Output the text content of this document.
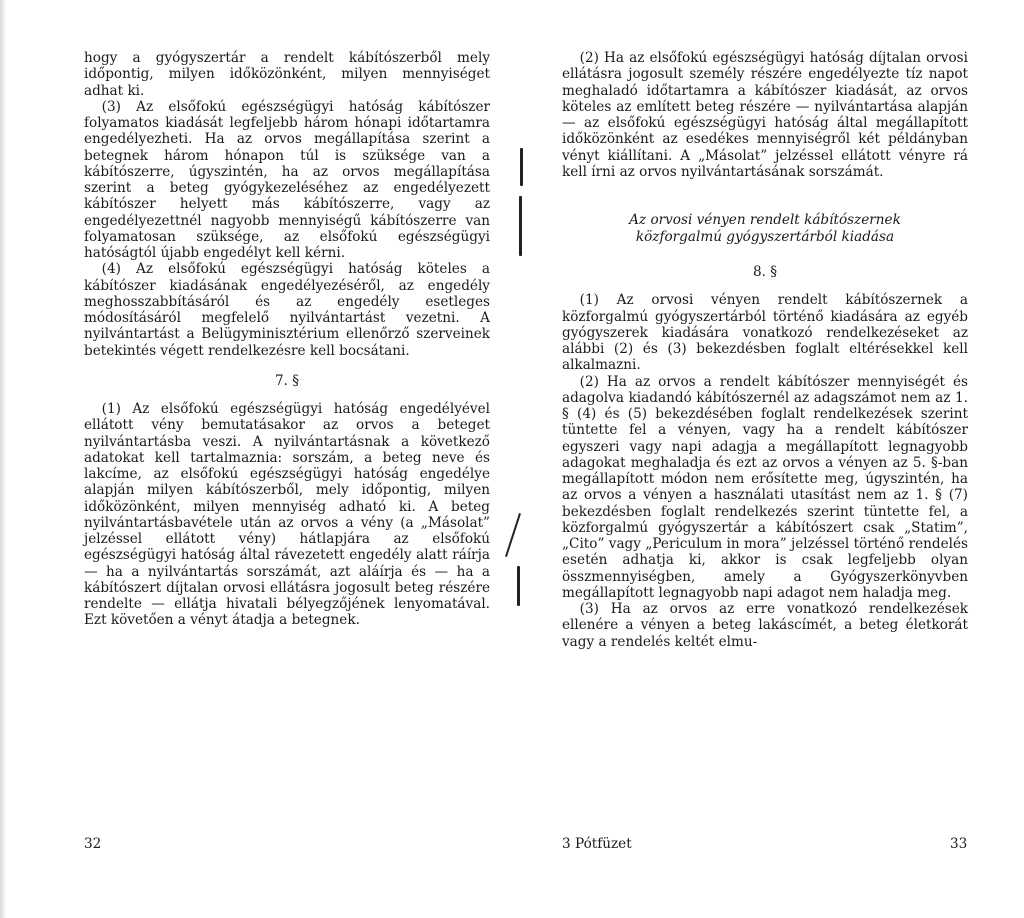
hogy a gyógyszertár a rendelt kábítószerből mely időpontig, milyen időközönként, milyen mennyiséget adhat ki.

(3) Az elsőfokú egészségügyi hatóság kábítószer folyamatos kiadását legfeljebb három hónapi időtartamra engedélyezheti. Ha az orvos megállapítása szerint a betegnek három hónapon túl is szüksége van a kábítószerre, úgyszintén, ha az orvos megállapítása szerint a beteg gyógykezeléséhez az engedélyezett kábítószer helyett más kábítószerre, vagy az engedélyezettnél nagyobb mennyiségű kábítószerre van folyamatosan szüksége, az elsőfokú egészségügyi hatóságtól újabb engedélyt kell kérni.

(4) Az elsőfokú egészségügyi hatóság köteles a kábítószer kiadásának engedélyezéséről, az engedély meghosszabbításáról és az engedély esetleges módosításáról megfelelő nyilvántartást vezetni. A nyilvántartást a Belügyminisztérium ellenőrző szerveinek betekintés végett rendelkezésre kell bocsátani.

7. §

(1) Az elsőfokú egészségügyi hatóság engedélyével ellátott vény bemutatásakor az orvos a beteget nyilvántartásba veszi. A nyilvántartásnak a következő adatokat kell tartalmaznia: sorszám, a beteg neve és lakcíme, az elsőfokú egészségügyi hatóság engedélye alapján milyen kábítószerből, mely időpontig, milyen időközönként, milyen mennyiség adható ki. A beteg nyilvántartásbavétele után az orvos a vény (a „Másolat” jelzéssel ellátott vény) hátlapjára az elsőfokú egészségügyi hatóság által rávezetett engedély alatt ráírja — ha a nyilvántartás sorszámát, azt aláírja és — ha a kábítószert díjtalan orvosi ellátásra jogosult beteg részére rendelte — ellátja hivatali bélyegzőjének lenyomatával. Ezt követően a vényt átadja a betegnek.

(2) Ha az elsőfokú egészségügyi hatóság díjtalan orvosi ellátásra jogosult személy részére engedélyezte tíz napot meghaladó időtartamra a kábítószer kiadását, az orvos köteles az említett beteg részére — nyilvántartása alapján — az elsőfokú egészségügyi hatóság által megállapított időközönként az esedékes mennyiségről két példányban vényt kiállítani. A „Másolat” jelzéssel ellátott vényre rá kell írni az orvos nyilvántartásának sorszámát.

Az orvosi vényen rendelt kábítószernek
közforgalmú gyógyszertárból kiadása

8. §

(1) Az orvosi vényen rendelt kábítószernek a közforgalmú gyógyszertárból történő kiadására az egyéb gyógyszerek kiadására vonatkozó rendelkezéseket az alábbi (2) és (3) bekezdésben foglalt eltérésekkel kell alkalmazni.

(2) Ha az orvos a rendelt kábítószer mennyiségét és adagolva kiadandó kábítószernél az adagszámot nem az 1. § (4) és (5) bekezdésében foglalt rendelkezések szerint tüntette fel a vényen, vagy ha a rendelt kábítószer egyszeri vagy napi adagja a megállapított legnagyobb adagokat meghaladja és ezt az orvos a vényen az 5. §-ban megállapított módon nem erősítette meg, úgyszintén, ha az orvos a vényen a használati utasítást nem az 1. § (7) bekezdésben foglalt rendelkezés szerint tüntette fel, a közforgalmú gyógyszertár a kábítószert csak „Statim”, „Cito” vagy „Periculum in mora” jelzéssel történő rendelés esetén adhatja ki, akkor is csak legfeljebb olyan összmennyiségben, amely a Gyógyszerkönyvben megállapított legnagyobb napi adagot nem haladja meg.

(3) Ha az orvos az erre vonatkozó rendelkezések ellenére a vényen a beteg lakáscímét, a beteg életkorát vagy a rendelés keltét elmu-

32	3 Pótfüzet	33
